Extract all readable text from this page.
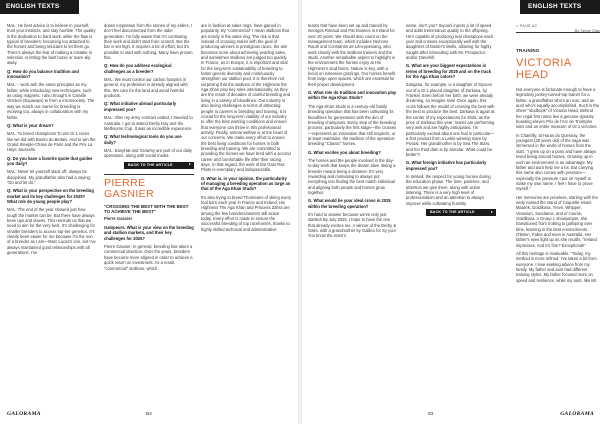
ENGLISH TEXTS

MAL: He best advice is to believe in yourself, trust your instincts, and stay humble. The quality is the dedication to hard work, while the flaw is typical of breeders: becoming too attached to the horses and being reluctant to let them go. There's always the fear of making a mistake in selection or letting the best horse or mare slip away.

Q: How do you balance tradition and innovation?

MAL: - work with the same principles as my father, while introducing new techniques, such as using magnets. I also brought in Camille Vercken (Equiways) to from a microsociety. The way we match our mares for breeding is evolving too, always in collaboration with my father.

Q: What is your dream?

MAL: To breed champions! To win Gr.1 races like we did with Bonito du Berlais. And to win the Grand Steeple-Chase de Paris and the Prix La Haye Jousselin.

Q: Do you have a favorite quote that guides you daily?

MAL: Never let yourself slack off, always be disciplined. My grandfather also had a saying: "Do and let do."

Q: What is your perspective on the breeding market and its key challenges for 2025? What role do young people play?

MAL: The end of the year showed just how tough the market can be. But there have always been ups and downs. This reminds us that we need to aim for the very best. It's challenging for smaller breeders to access top-tier genetics. It's clearly been easier for me because I'm the son of a breeder as I am—Marc Lucas's son, but I've always maintained good relationships with all generations. I've

drawn inspiration from the stories of my elders. I don't feel disconnected from the older generation. I'm fully aware that I'm continuing their work and didn't start from scratch. But the bar is set high. It requires a lot of effort, but it's possible to start with nothing. Many have proven this.

Q: How do you address ecological challenges as a breeder?

MAL: We must control our carbon footprint in general, my profession is already aligned with this. We care for the land and avoid harmful products.

Q: What initiative abroad particularly impressed you?

MAL: After my army contract ended, I traveled to Australia. I got to attend Derby Day and the Melbourne Cup. It was an incredible experience.

Q: What technological tools do you use daily?

MAL: EasyHat and Growmy are part of our daily operations, along with social media.

BACK TO THE ARTICLE
PIERRE GASNIER
"CROSSING THE BEST WITH THE BEST TO ACHIEVE THE BEST"
Pierre Gasnier

Galopeurs. What is your view on the breeding and stallion markets, and their key challenges for 2025?

Pierre Gasnier: In general, breeding has taken a commercial direction. Over the years, breeders have become more aligned in order to achieve a quick return on investment. As a result, "commercial" stallions, which

are in fashion at sales rings, have gained in popularity. By "commercial" I mean stallions that are trendy in the sales ring. The risk is that instead of crossing mares with the goal of producing winners in prestigious races, the aim becomes more about achieving yearling sales, and sometimes stallions are judged too quickly. In France, as in Europe, it is important and vital for the long-term sustainability of breeding to foster genetic diversity and continuously strengthen our stallion pool. It is therefore not surprising that the stallions of the Highness the Aga Khan play key roles internationally, as they are the result of decades of careful breeding and living in a variety of bloodlines. Our industry is also facing challenges in terms of attracting people to careers in breeding and training. It is crucial for the long-term viability of our industry to offer the best working conditions and ensure that everyone can thrive in this professional activity. Finally, animal welfare is at the heart of our concerns. We make every effort to ensure the best living conditions for horses in both breeding and training. We are committed to providing the horses we have bred with a second career and comfortable life after their racing days. In that regard, the work of the Galo Ras Pilote is exemplary and indispensable.

G. What is, in your opinion, the particularity of managing a breeding operation as large as that of the Aga Khan Studs?

It's also trying to breed Thurneans of skiing every foal born each year in France and Ireland. His Highness The Aga Khan and Princess Zahra are among the few breeders/owners still active today. Every effort is made to ensure the successful breeding of top racehorses, thanks to highly skilled technical and administrative

GALORAMA	B2
ENGLISH TEXTS

teams that have been set up and trained by Georges Rimaud and Pat Downes in Ireland for over 20 years. We should also count on the management team, which includes Nemone Routh and Constantin de Léni-ppesiang, who work closely with the stallions trainers and the studs. Another remarkable aspect to highlight is the environment the horses enjoy at His Highness's stud farms. Nature is key, with a focus on extensive grazings. Our horses benefit from large open spaces, which are essential for their proper development.

G. What role do tradition and innovation play within the Aga Khan Studs?

The Aga Khan Studs is a century-old family breeding operation that has been cultivating its bloodlines for generations with the aim of breeding champions. Every step of the breeding process, particularly the first stage—the crosses—represents an innovation that still respects, or at least maintains, the tradition of the operation: breeding "Classic" horses.

G. What excites you about breeding?

The horses and the people involved in the day-to-day work that keeps the dream alive. Being a breeder means being a dreamer. It's very rewarding and motivating to always put everything into finding the best match individual and aligning both people and horses grow together.

G. What would be your ideal cross in 2025 within the breeding operation?

It's hard to answer because we've only just started! By July 2025, I hope to have the one that already excites me. A winner of the Derby & Oaks, with a grandmother by Galileo for Sy you! You know the mare's

name, don't you? Siyouni injects a lot of speed and adds tremendous quality to the offspring. He's capable of producing real champions each year and crosses exceptionally well with the daughters of Dasler's Wells, allowing for highly sought-after inbreeding with Mr. Prospector and/or Danehill.

G. What are your biggest expectations in terms of breeding for 2025 and on the track for the Aga Khan colors?

Zarigana, for example, is a daughter of Siyouni out of a Gr.1 placed daughter of Zarkava, by Frankel. Even before her birth, we were already dreaming, so imagine now! Once again, this cross follows the model of crossing the best with the best to produce the best. Zarkava is again at the center of my expectations for 2025, as the price of Zarkava this year; mares are performing very well and are highly anticipated. I'm particularly excited about one foal in particular—a first product from a Lahiri-winning mare by Pivotal. Her grandmother is by Sea The Stars, and her third dam is by Sinndar. What could be better?!

G. What foreign initiative has particularly impressed you?

In Ireland, the respect for young horses during the education phase. The time, patience, and attention we give them, along with active listening. There is a very high level of professionalism and an attention to always improve while cultivating humility.

BACK TO THE ARTICLE
» PAGE 82
By Serge Olay
TRAINING
VICTORIA HEAD

Not everyone is fortunate enough to have a legendary jockey-turned-top trainer for a father, a grandfather who's an icon, and an aunt who's equally accomplished. Such is the sheer "studbook" of Victoria Head. Behind her regal first name lies a genuine dynasty boasting eleven Prix de l'Arc de Triomphe wins and an entire museum of Gr.1 victories.

In Chantilly, at Haras du Quesnay, the youngest (28 years old) of the saga was immersed in the world of horses from the start. "I grew up on a pony and have always loved being around horses. Growing up in such an environment is an advantage. My father and aunt help me a lot. But carrying this name also comes with pressure—especially the pressure I put on myself to make my own name. I feel I have to prove myself."

Her memories are priceless, starting with the early named the stand of Criquette Head-Maarek, Goldikova, Treve, Whipper, Vesuvian, Sundance, and of course, Goldikova. A Group 1 showjumper, she transitioned from trotting to galloping over time, learning in the best environments. O'Brien, Fabre and even in Australia. Her father's eyes light up as she recalls, "Ireland impresses. And it's fine? Exceptional!"

All this heritage is invaluable. "Today, my method is more refined. I've taken a bit from everyone. I love seeking advice from my family. My father and aunt had different training styles. My father focused more on speed and resilience, while my aunt, like Mr.

83	GALORAMA
